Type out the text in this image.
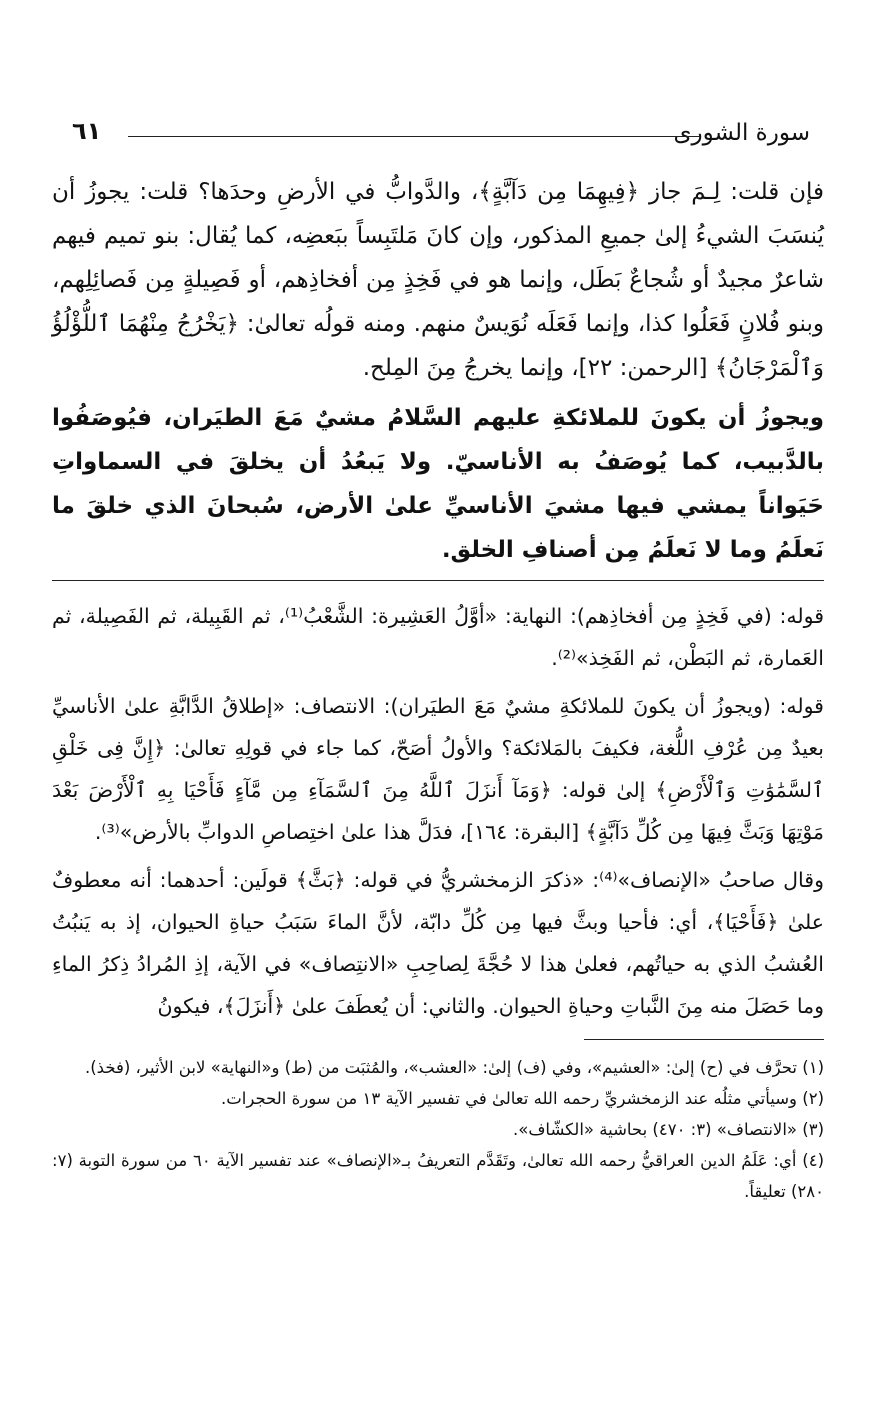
سورة الشورى
٦١

فإن قلت: لِـمَ جاز ﴿فِيهِمَا مِن دَآبَّةٍ﴾، والدَّوابُّ في الأرضِ وحدَها؟ قلت: يجوزُ أن يُنسَبَ الشيءُ إلىٰ جميعِ المذكور، وإن كانَ مَلتَبِساً ببَعضِه، كما يُقال: بنو تميم فيهم شاعرٌ مجيدٌ أو شُجاعٌ بَطَل، وإنما هو في فَخِذٍ مِن أفخاذِهم، أو فَصِيلةٍ مِن فَصائِلِهم، وبنو فُلانٍ فَعَلُوا كذا، وإنما فَعَلَه نُوَيسٌ منهم. ومنه قولُه تعالىٰ: ﴿يَخْرُجُ مِنْهُمَا ٱللُّؤْلُؤُ وَٱلْمَرْجَانُ﴾ [الرحمن: ٢٢]، وإنما يخرجُ مِنَ المِلح.

ويجوزُ أن يكونَ للملائكةِ عليهم السَّلامُ مشيٌ مَعَ الطيَران، فيُوصَفُوا بالدَّبيب، كما يُوصَفُ به الأناسيّ. ولا يَبعُدُ أن يخلقَ في السماواتِ حَيَواناً يمشي فيها مشيَ الأناسيِّ علىٰ الأرض، سُبحانَ الذي خلقَ ما نَعلَمُ وما لا نَعلَمُ مِن أصنافِ الخلق.

قوله: (في فَخِذٍ مِن أفخاذِهم): النهاية: «أوَّلُ العَشِيرة: الشَّعْبُ⁽¹⁾، ثم القَبِيلة، ثم الفَصِيلة، ثم العَمارة، ثم البَطْن، ثم الفَخِذ»⁽²⁾.

قوله: (ويجوزُ أن يكونَ للملائكةِ مشيٌ مَعَ الطيَران): الانتصاف: «إطلاقُ الدَّابَّةِ علىٰ الأناسيِّ بعيدٌ مِن عُرْفِ اللُّغة، فكيفَ بالمَلائكة؟ والأولُ أصَحّ، كما جاء في قولِهِ تعالىٰ: ﴿إِنَّ فِى خَلْقِ ٱلسَّمَٰوَٰتِ وَٱلْأَرْضِ﴾ إلىٰ قوله: ﴿وَمَآ أَنزَلَ ٱللَّهُ مِنَ ٱلسَّمَآءِ مِن مَّآءٍ فَأَحْيَا بِهِ ٱلْأَرْضَ بَعْدَ مَوْتِهَا وَبَثَّ فِيهَا مِن كُلِّ دَآبَّةٍ﴾ [البقرة: ١٦٤]، فدَلَّ هذا علىٰ اختِصاصِ الدوابِّ بالأرض»⁽³⁾.

وقال صاحبُ «الإنصاف»⁽⁴⁾: «ذكرَ الزمخشريُّ في قوله: ﴿بَثَّ﴾ قولَين: أحدهما: أنه معطوفٌ علىٰ ﴿فَأَحْيَا﴾، أي: فأحيا وبثَّ فيها مِن كُلِّ دابّة، لأنَّ الماءَ سَبَبُ حياةِ الحيوان، إذ به يَنبُتُ العُشبُ الذي به حياتُهم، فعلىٰ هذا لا حُجَّةَ لِصاحِبِ «الانتِصاف» في الآية، إذِ المُرادُ ذِكرُ الماءِ وما حَصَلَ منه مِنَ النَّباتِ وحياةِ الحيوان. والثاني: أن يُعطَفَ علىٰ ﴿أَنزَلَ﴾، فيكونُ

(١) تحرَّف في (ح) إلىٰ: «العشيم»، وفي (ف) إلىٰ: «العشب»، والمُثبَت من (ط) و«النهاية» لابن الأثير، (فخذ).

(٢) وسيأتي مثلُه عند الزمخشريِّ رحمه الله تعالىٰ في تفسير الآية ١٣ من سورة الحجرات.

(٣) «الانتصاف» (٣: ٤٧٠) بحاشية «الكشّاف».

(٤) أي: عَلَمُ الدين العراقيُّ رحمه الله تعالىٰ، وتَقَدَّم التعريفُ بـ«الإنصاف» عند تفسير الآية ٦٠ من سورة التوبة (٧: ٢٨٠) تعليقاً.
